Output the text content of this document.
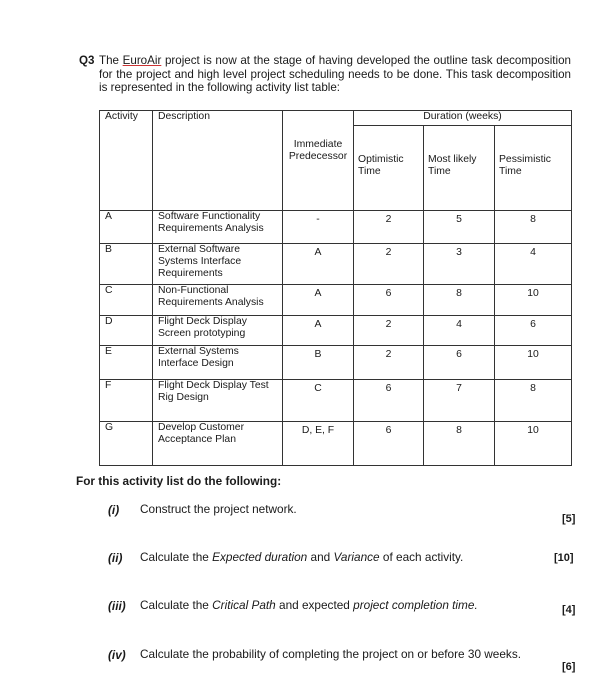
Q3 The EuroAir project is now at the stage of having developed the outline task decomposition for the project and high level project scheduling needs to be done. This task decomposition is represented in the following activity list table:
Activity	Description	Immediate Predecessor	Duration (weeks)		
			Optimistic Time	Most likely Time	Pessimistic Time
A	Software Functionality Requirements Analysis	-	2	5	8
B	External Software Systems Interface Requirements	A	2	3	4
C	Non-Functional Requirements Analysis	A	6	8	10
D	Flight Deck Display Screen prototyping	A	2	4	6
E	External Systems Interface Design	B	2	6	10
F	Flight Deck Display Test Rig Design	C	6	7	8
G	Develop Customer Acceptance Plan	D, E, F	6	8	10
For this activity list do the following:
(i) Construct the project network.
[5]
(ii) Calculate the Expected duration and Variance of each activity.	[10]
(iii) Calculate the Critical Path and expected project completion time.	[4]
(iv) Calculate the probability of completing the project on or before 30 weeks.
[6]
